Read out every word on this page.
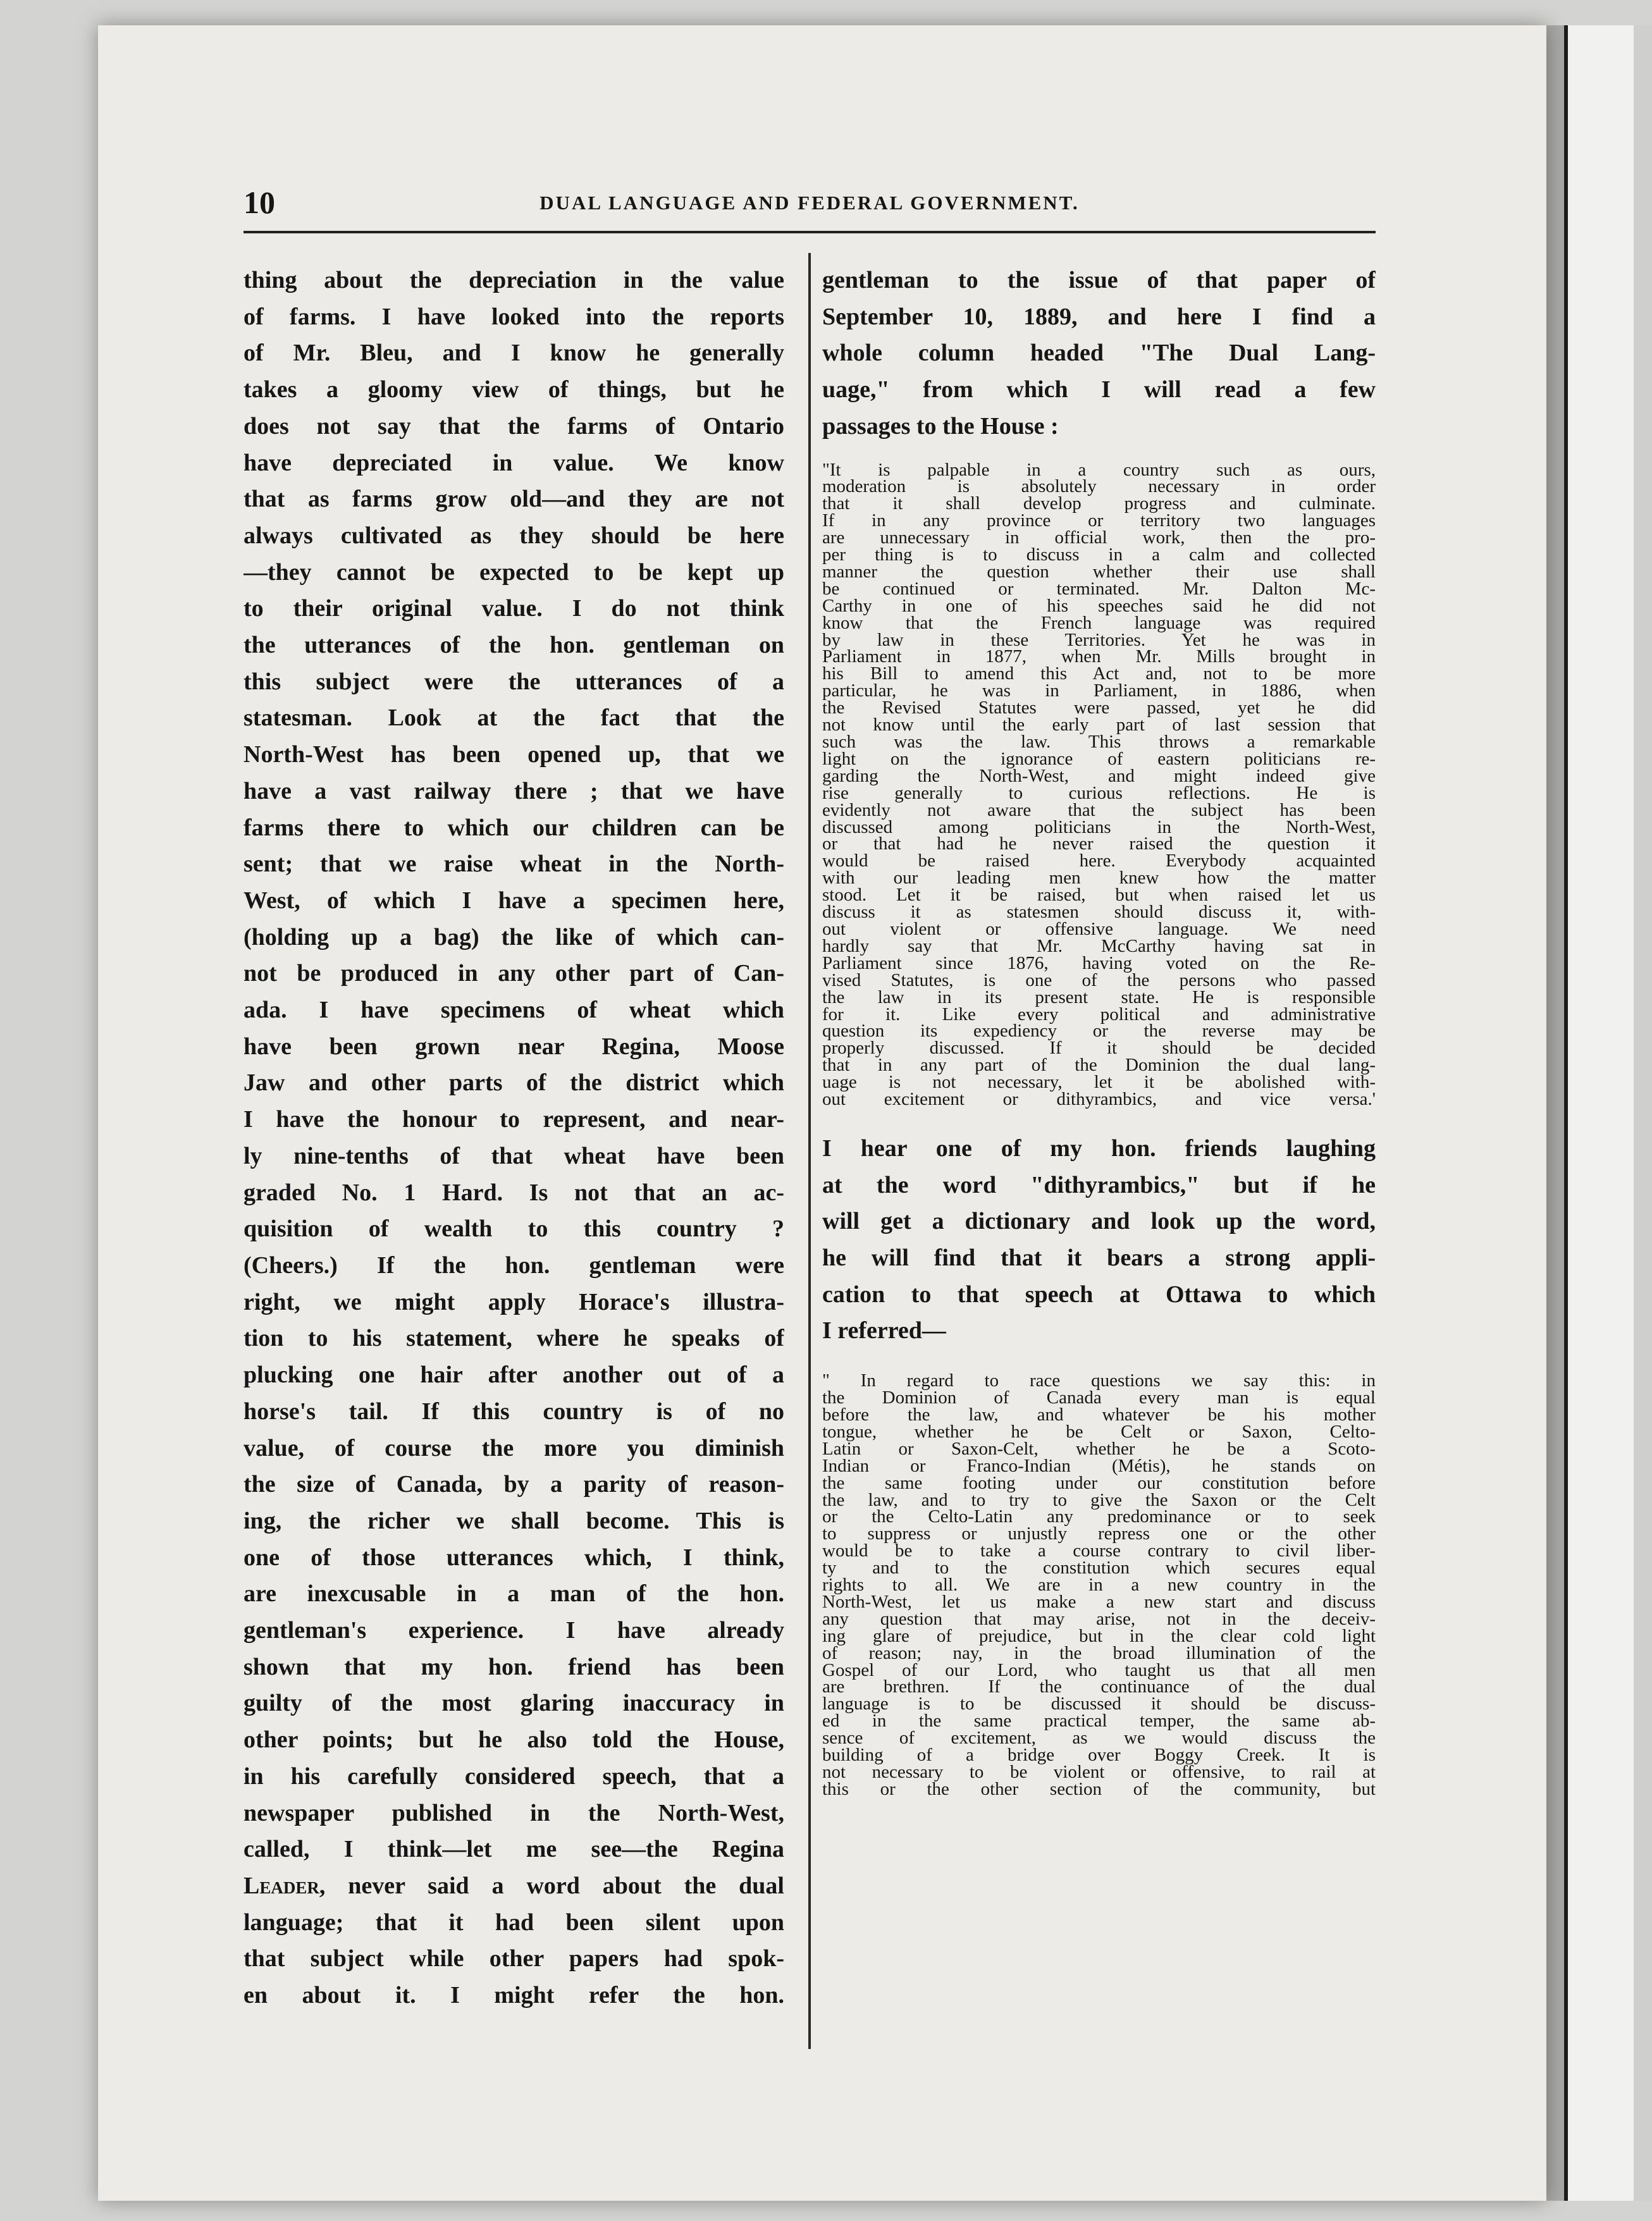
10	DUAL LANGUAGE AND FEDERAL GOVERNMENT.
thing about the depreciation in the value
of farms. I have looked into the reports
of Mr. Bleu, and I know he generally
takes a gloomy view of things, but he
does not say that the farms of Ontario
have depreciated in value. We know
that as farms grow old—and they are not
always cultivated as they should be here
—they cannot be expected to be kept up
to their original value. I do not think
the utterances of the hon. gentleman on
this subject were the utterances of a
statesman. Look at the fact that the
North-West has been opened up, that we
have a vast railway there ; that we have
farms there to which our children can be
sent; that we raise wheat in the North-
West, of which I have a specimen here,
(holding up a bag) the like of which can-
not be produced in any other part of Can-
ada. I have specimens of wheat which
have been grown near Regina, Moose
Jaw and other parts of the district which
I have the honour to represent, and near-
ly nine-tenths of that wheat have been
graded No. 1 Hard. Is not that an ac-
quisition of wealth to this country ?
(Cheers.) If the hon. gentleman were
right, we might apply Horace's illustra-
tion to his statement, where he speaks of
plucking one hair after another out of a
horse's tail. If this country is of no
value, of course the more you diminish
the size of Canada, by a parity of reason-
ing, the richer we shall become. This is
one of those utterances which, I think,
are inexcusable in a man of the hon.
gentleman's experience. I have already
shown that my hon. friend has been
guilty of the most glaring inaccuracy in
other points; but he also told the House,
in his carefully considered speech, that a
newspaper published in the North-West,
called, I think—let me see—the Regina
Leader, never said a word about the dual
language; that it had been silent upon
that subject while other papers had spok-
en about it. I might refer the hon.
gentleman to the issue of that paper of
September 10, 1889, and here I find a
whole column headed "The Dual Lang-
uage," from which I will read a few
passages to the House :
"It is palpable in a country such as ours,
moderation is absolutely necessary in order
that it shall develop progress and culminate.
If in any province or territory two languages
are unnecessary in official work, then the pro-
per thing is to discuss in a calm and collected
manner the question whether their use shall
be continued or terminated. Mr. Dalton Mc-
Carthy in one of his speeches said he did not
know that the French language was required
by law in these Territories. Yet he was in
Parliament in 1877, when Mr. Mills brought in
his Bill to amend this Act and, not to be more
particular, he was in Parliament, in 1886, when
the Revised Statutes were passed, yet he did
not know until the early part of last session that
such was the law. This throws a remarkable
light on the ignorance of eastern politicians re-
garding the North-West, and might indeed give
rise generally to curious reflections. He is
evidently not aware that the subject has been
discussed among politicians in the North-West,
or that had he never raised the question it
would be raised here. Everybody acquainted
with our leading men knew how the matter
stood. Let it be raised, but when raised let us
discuss it as statesmen should discuss it, with-
out violent or offensive language. We need
hardly say that Mr. McCarthy having sat in
Parliament since 1876, having voted on the Re-
vised Statutes, is one of the persons who passed
the law in its present state. He is responsible
for it. Like every political and administrative
question its expediency or the reverse may be
properly discussed. If it should be decided
that in any part of the Dominion the dual lang-
uage is not necessary, let it be abolished with-
out excitement or dithyrambics, and vice versa.'
I hear one of my hon. friends laughing
at the word "dithyrambics," but if he
will get a dictionary and look up the word,
he will find that it bears a strong appli-
cation to that speech at Ottawa to which
I referred—
" In regard to race questions we say this: in
the Dominion of Canada every man is equal
before the law, and whatever be his mother
tongue, whether he be Celt or Saxon, Celto-
Latin or Saxon-Celt, whether he be a Scoto-
Indian or Franco-Indian (Métis), he stands on
the same footing under our constitution before
the law, and to try to give the Saxon or the Celt
or the Celto-Latin any predominance or to seek
to suppress or unjustly repress one or the other
would be to take a course contrary to civil liber-
ty and to the constitution which secures equal
rights to all. We are in a new country in the
North-West, let us make a new start and discuss
any question that may arise, not in the deceiv-
ing glare of prejudice, but in the clear cold light
of reason; nay, in the broad illumination of the
Gospel of our Lord, who taught us that all men
are brethren. If the continuance of the dual
language is to be discussed it should be discuss-
ed in the same practical temper, the same ab-
sence of excitement, as we would discuss the
building of a bridge over Boggy Creek. It is
not necessary to be violent or offensive, to rail at
this or the other section of the community, but
